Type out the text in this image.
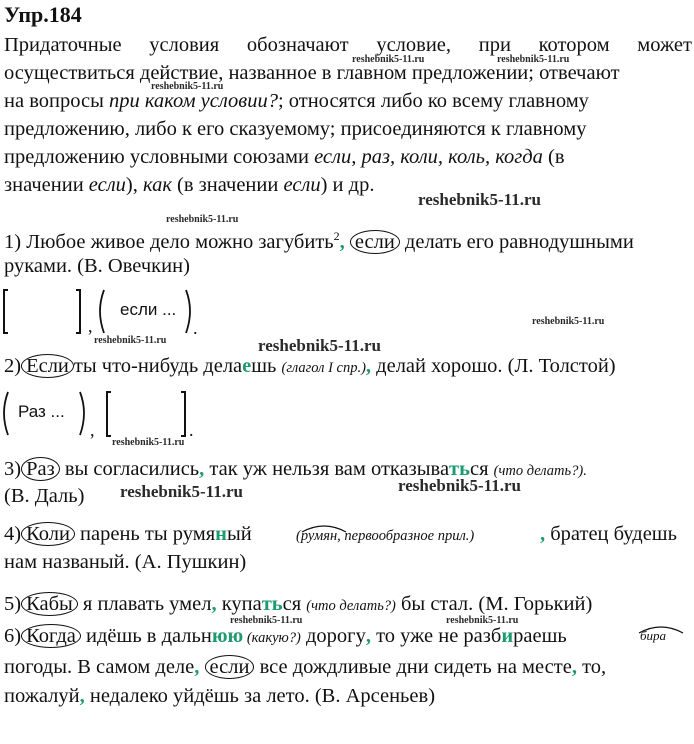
Упр.184
Придаточные условия обозначают условие, при котором может
осуществиться действие, названное в главном предложении; отвечают
на вопросы при каком условии?; относятся либо ко всему главному
предложению, либо к его сказуемому; присоединяются к главному
предложению условными союзами если, раз, коли, коль, когда (в
значении если), как (в значении если) и др.
1) Любое живое дело можно загубить$^2$, если делать его равнодушными
руками. (В. Овечкин)
,
если ...
.
2) Если ты что-нибудь делаешь (глагол I спр.), делай хорошо. (Л. Толстой)
Раз ...
,	.
3) Раз вы согласились, так уж нельзя вам отказываться (что делать?).
(В. Даль)
4) Коли парень ты румяный	(румян
, первообразное прил.)	, братец будешь
нам названый. (А. Пушкин)
5) Кабы я плавать умел, купаться (что делать?) бы стал. (М. Горький)
6) Когда идёшь в дальнюю (какую?) дорогу, то уже не разбираешь	бира
погоды. В самом деле, если все дождливые дни сидеть на месте, то,
пожалуй, недалеко уйдёшь за лето. (В. Арсеньев)
reshebnik5-11.ru	reshebnik5-11.ru
reshebnik5-11.ru
reshebnik5-11.ru
reshebnik5-11.ru
reshebnik5-11.ru	reshebnik5-11.ru
reshebnik5-11.ru
reshebnik5-11.ru
reshebnik5-11.ru	reshebnik5-11.ru
reshebnik5-11.ru	reshebnik5-11.ru
